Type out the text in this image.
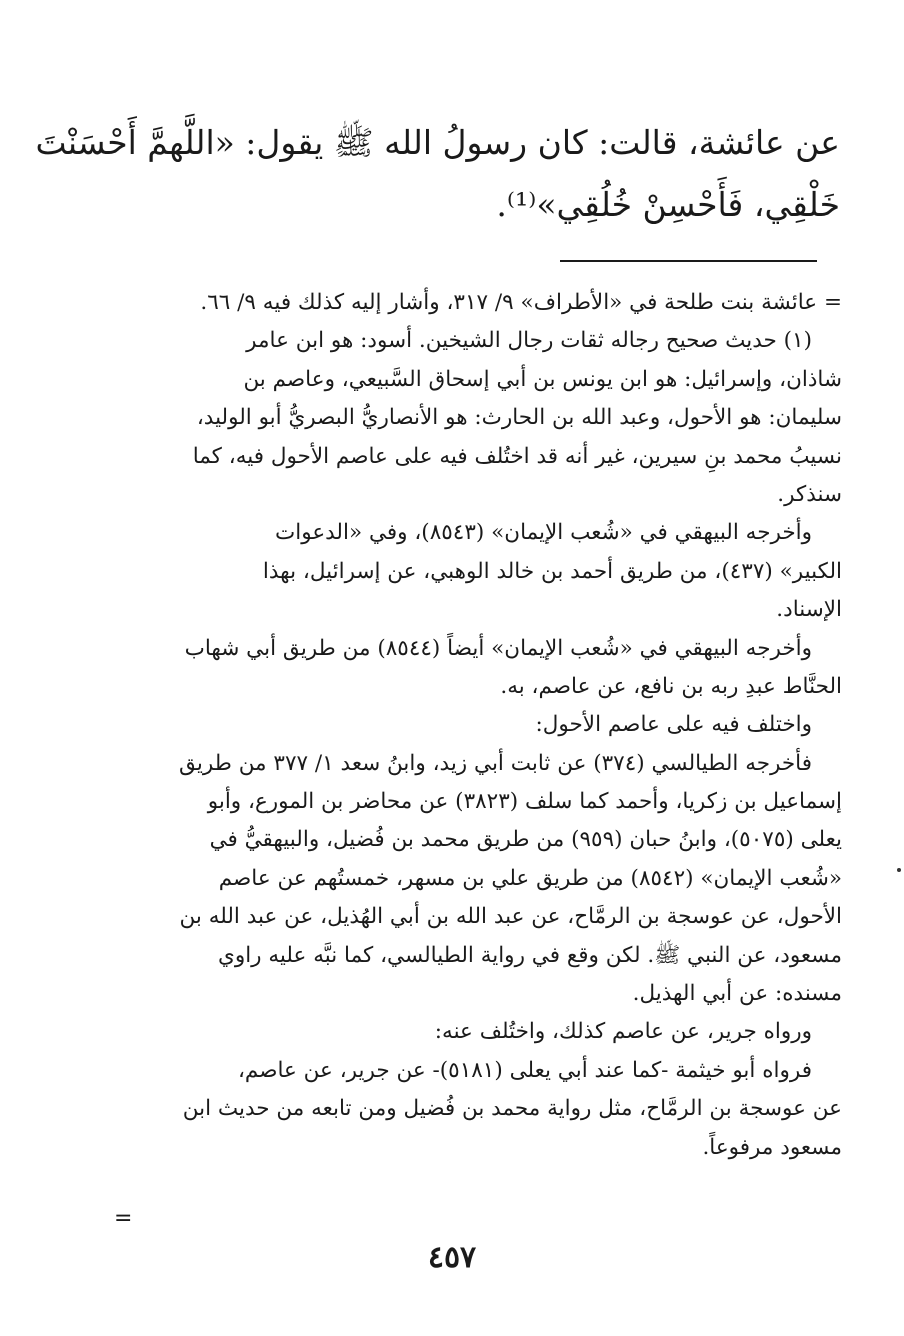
عن عائشة، قالت: كان رسولُ الله ﷺ يقول: «اللَّهمَّ أَحْسَنْتَ

خَلْقِي، فَأَحْسِنْ خُلُقِي»⁽¹⁾.

= عائشة بنت طلحة في «الأطراف» ٩/ ٣١٧، وأشار إليه كذلك فيه ٩/ ٦٦.

(١) حديث صحيح رجاله ثقات رجال الشيخين. أسود: هو ابن عامر

شاذان، وإسرائيل: هو ابن يونس بن أبي إسحاق السَّبيعي، وعاصم بن

سليمان: هو الأحول، وعبد الله بن الحارث: هو الأنصاريُّ البصريُّ أبو الوليد،

نسيبُ محمد بنِ سيرين، غير أنه قد اختُلف فيه على عاصم الأحول فيه، كما

سنذكر.

وأخرجه البيهقي في «شُعب الإيمان» (٨٥٤٣)، وفي «الدعوات

الكبير» (٤٣٧)، من طريق أحمد بن خالد الوهبي، عن إسرائيل، بهذا

الإسناد.

وأخرجه البيهقي في «شُعب الإيمان» أيضاً (٨٥٤٤) من طريق أبي شهاب

الحنَّاط عبدِ ربه بن نافع، عن عاصم، به.

واختلف فيه على عاصم الأحول:

فأخرجه الطيالسي (٣٧٤) عن ثابت أبي زيد، وابنُ سعد ١/ ٣٧٧ من طريق

إسماعيل بن زكريا، وأحمد كما سلف (٣٨٢٣) عن محاضر بن المورع، وأبو

يعلى (٥٠٧٥)، وابنُ حبان (٩٥٩) من طريق محمد بن فُضيل، والبيهقيُّ في

«شُعب الإيمان» (٨٥٤٢) من طريق علي بن مسهر، خمستُهم عن عاصم

الأحول، عن عوسجة بن الرمَّاح، عن عبد الله بن أبي الهُذيل، عن عبد الله بن

مسعود، عن النبي ﷺ. لكن وقع في رواية الطيالسي، كما نبَّه عليه راوي

مسنده: عن أبي الهذيل.

ورواه جرير، عن عاصم كذلك، واختُلف عنه:

فرواه أبو خيثمة -كما عند أبي يعلى (٥١٨١)- عن جرير، عن عاصم،

عن عوسجة بن الرمَّاح، مثل رواية محمد بن فُضيل ومن تابعه من حديث ابن

مسعود مرفوعاً.

=
٤٥٧
